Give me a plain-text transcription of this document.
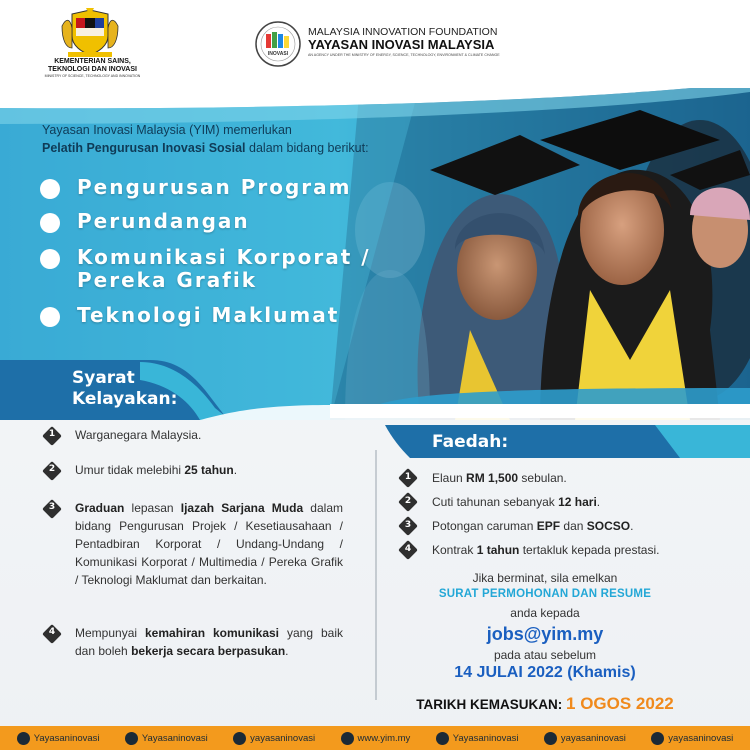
KEMENTERIAN SAINS,
TEKNOLOGI DAN INOVASI
MINISTRY OF SCIENCE, TECHNOLOGY AND INNOVATION
INOVASI
MALAYSIA INNOVATION FOUNDATION
YAYASAN INOVASI MALAYSIA
AN AGENCY UNDER THE MINISTRY OF ENERGY, SCIENCE, TECHNOLOGY, ENVIRONMENT & CLIMATE CHANGE
Yayasan Inovasi Malaysia (YIM) memerlukan
Pelatih Pengurusan Inovasi Sosial dalam bidang berikut:
Pengurusan Program
Perundangan
Komunikasi Korporat /
Pereka Grafik
Teknologi Maklumat
Syarat
Kelayakan:
1	Warganegara Malaysia.
2	Umur tidak melebihi 25 tahun.
3	Graduan lepasan Ijazah Sarjana Muda dalam bidang Pengurusan Projek / Kesetiausahaan / Pentadbiran Korporat / Undang-Undang / Komunikasi Korporat / Multimedia / Pereka Grafik / Teknologi Maklumat dan berkaitan.
4	Mempunyai kemahiran komunikasi yang baik dan boleh bekerja secara berpasukan.
Faedah:
1	Elaun RM 1,500 sebulan.
2	Cuti tahunan sebanyak 12 hari.
3	Potongan caruman EPF dan SOCSO.
4	Kontrak 1 tahun tertakluk kepada prestasi.
Jika berminat, sila emelkan
SURAT PERMOHONAN DAN RESUME
anda kepada
jobs@yim.my
pada atau sebelum
14 JULAI 2022 (Khamis)
TARIKH KEMASUKAN: 1 OGOS 2022
Yayasaninovasi	Yayasaninovasi	yayasaninovasi	www.yim.my	Yayasaninovasi	yayasaninovasi	yayasaninovasi
